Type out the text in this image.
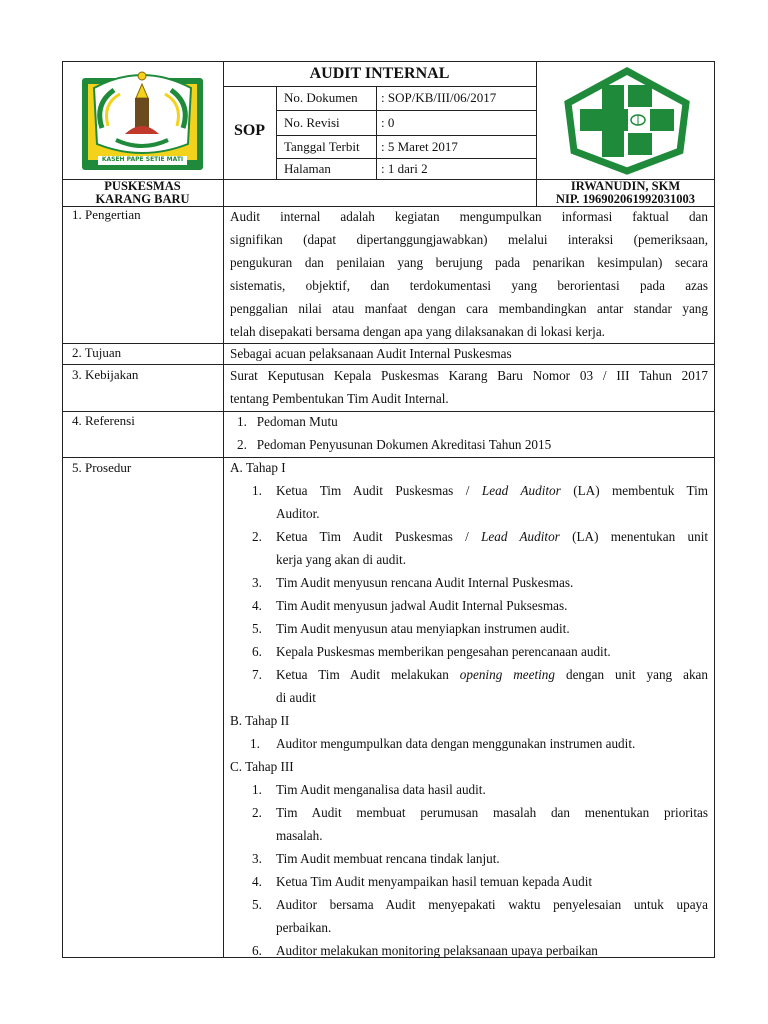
KASEH PAPE SETIE MATI
AUDIT INTERNAL
SOP
No. Dokumen : SOP/KB/III/06/2017
No. Revisi	: 0
Tanggal Terbit : 5 Maret 2017
Halaman	: 1 dari 2
PUSKESMAS
KARANG BARU
IRWANUDIN, SKM
NIP. 196902061992031003
1. Pengertian	Audit internal adalah kegiatan mengumpulkan informasi faktual dan
signifikan (dapat dipertanggungjawabkan) melalui interaksi (pemeriksaan,
pengukuran dan penilaian yang berujung pada penarikan kesimpulan) secara
sistematis, objektif, dan terdokumentasi yang berorientasi pada azas
penggalian nilai atau manfaat dengan cara membandingkan antar standar yang
telah disepakati bersama dengan apa yang dilaksanakan di lokasi kerja.
2. Tujuan	Sebagai acuan pelaksanaan Audit Internal Puskesmas
3. Kebijakan	Surat Keputusan Kepala Puskesmas Karang Baru Nomor 03 / III Tahun 2017
tentang Pembentukan Tim Audit Internal.
4. Referensi	1.   Pedoman Mutu
2.   Pedoman Penyusunan Dokumen Akreditasi Tahun 2015
5. Prosedur	A. Tahap I
1. Ketua Tim Audit Puskesmas / Lead Auditor (LA) membentuk Tim
Auditor.
2. Ketua Tim Audit Puskesmas / Lead Auditor (LA) menentukan unit
kerja yang akan di audit.
3. Tim Audit menyusun rencana Audit Internal Puskesmas.
4. Tim Audit menyusun jadwal Audit Internal Puksesmas.
5. Tim Audit menyusun atau menyiapkan instrumen audit.
6. Kepala Puskesmas memberikan pengesahan perencanaan audit.
7. Ketua Tim Audit melakukan opening meeting dengan unit yang akan
di audit
B. Tahap II
1. Auditor mengumpulkan data dengan menggunakan instrumen audit.
C. Tahap III
1. Tim Audit menganalisa data hasil audit.
2. Tim Audit membuat perumusan masalah dan menentukan prioritas
masalah.
3. Tim Audit membuat rencana tindak lanjut.
4. Ketua Tim Audit menyampaikan hasil temuan kepada Audit
5. Auditor bersama Audit menyepakati waktu penyelesaian untuk upaya
perbaikan.
6. Auditor melakukan monitoring pelaksanaan upaya perbaikan
